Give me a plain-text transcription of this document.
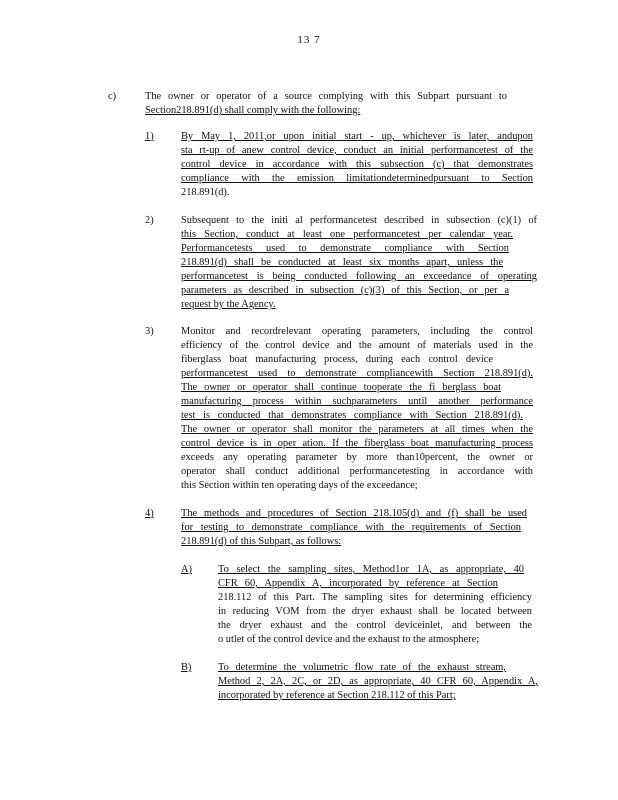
13 7
c)	The owner or operator of a source complying with this Subpart pursuant to
Section218.891(d) shall comply with the following:
1)	By May 1, 2011,or upon initial start - up, whichever is later, andupon
sta rt-up of anew control device, conduct an initial performancetest of the
control device in accordance with this subsection (c) that demonstrates
compliance with the emission limitationdeterminedpursuant to Section
218.891(d).
2)	Subsequent to the initi al performancetest described in subsection (c)(1) of
this Section, conduct at least one performancetest per calendar year.
Performancetests used to demonstrate compliance with Section
218.891(d) shall be conducted at least six months apart, unless the
performancetest is being conducted following an exceedance of operating
parameters as described in subsection (c)(3) of this Section, or per a
request by the Agency.
3)	Monitor and recordrelevant operating parameters, including the control
efficiency of the control device and the amount of materials used in the
fiberglass boat manufacturing process, during each control device
performancetest used to demonstrate compliancewith Section 218.891(d).
The owner or operator shall continue tooperate the fi berglass boat
manufacturing process within suchparameters until another performance
test is conducted that demonstrates compliance with Section 218.891(d).
The owner or operator shall monitor the parameters at all times when the
control device is in oper ation. If the fiberglass boat manufacturing process
exceeds any operating parameter by more than10percent, the owner or
operator shall conduct additional performancetesting in accordance with
this Section within ten operating days of the exceedance;
4)	The methods and procedures of Section 218.105(d) and (f) shall be used
for testing to demonstrate compliance with the requirements of Section
218.891(d) of this Subpart, as follows:
A)	To select the sampling sites, Method1or 1A, as appropriate, 40
CFR 60, Appendix A, incorporated by reference at Section
218.112 of this Part. The sampling sites for determining efficiency
in reducing VOM from the dryer exhaust shall be located between
the dryer exhaust and the control deviceinlet, and between the
o utlet of the control device and the exhaust to the atmosphere;
B)	To determine the volumetric flow rate of the exhaust stream,
Method 2, 2A, 2C, or 2D, as appropriate, 40 CFR 60, Appendix A,
incorporated by reference at Section 218.112 of this Part;
